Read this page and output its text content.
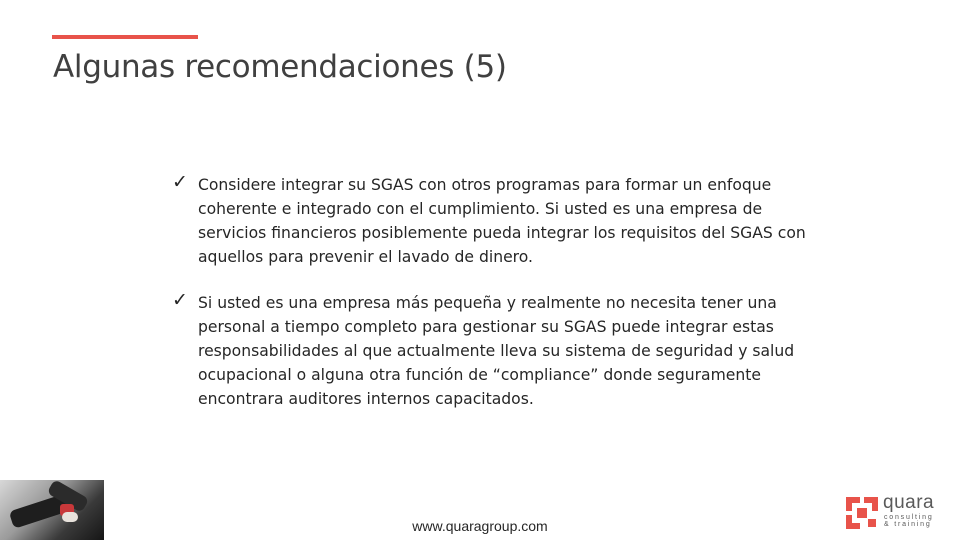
Algunas recomendaciones (5)
✓ Considere integrar su SGAS con otros programas para formar un enfoque coherente e integrado con el cumplimiento. Si usted es una empresa de servicios financieros posiblemente pueda integrar los requisitos del SGAS con aquellos para prevenir el lavado de dinero.
✓ Si usted es una empresa más pequeña y realmente no necesita tener una personal a tiempo completo para gestionar su SGAS puede integrar estas responsabilidades al que actualmente lleva su sistema de seguridad y salud ocupacional o alguna otra función de “compliance” donde seguramente encontrara auditores internos capacitados.
www.quaragroup.com
quara
consulting
& training
